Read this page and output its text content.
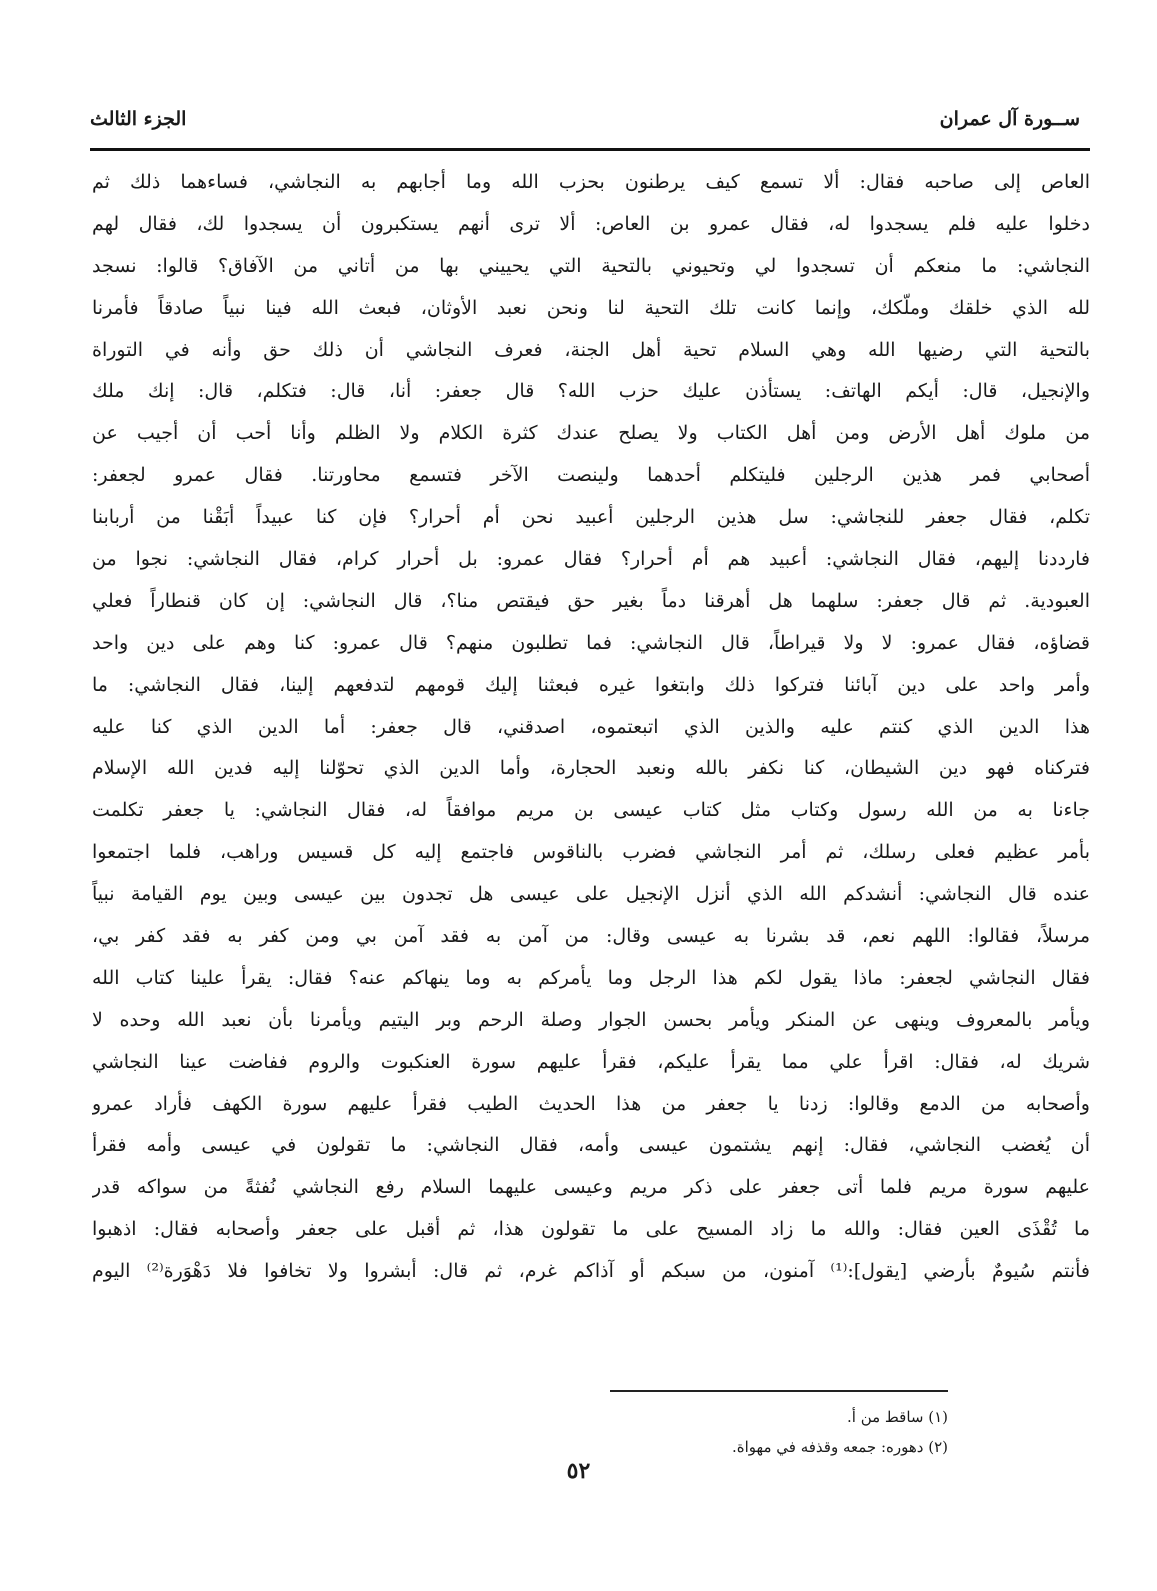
ســورة آل عمران
الجزء الثالث
العاص إلى صاحبه فقال: ألا تسمع كيف يرطنون بحزب الله وما أجابهم به النجاشي، فساءهما ذلك ثم
دخلوا عليه فلم يسجدوا له، فقال عمرو بن العاص: ألا ترى أنهم يستكبرون أن يسجدوا لك، فقال لهم
النجاشي: ما منعكم أن تسجدوا لي وتحيوني بالتحية التي يحييني بها من أتاني من الآفاق؟ قالوا: نسجد
لله الذي خلقك وملّكك، وإنما كانت تلك التحية لنا ونحن نعبد الأوثان، فبعث الله فينا نبياً صادقاً فأمرنا
بالتحية التي رضيها الله وهي السلام تحية أهل الجنة، فعرف النجاشي أن ذلك حق وأنه في التوراة
والإنجيل، قال: أيكم الهاتف: يستأذن عليك حزب الله؟ قال جعفر: أنا، قال: فتكلم، قال: إنك ملك
من ملوك أهل الأرض ومن أهل الكتاب ولا يصلح عندك كثرة الكلام ولا الظلم وأنا أحب أن أجيب عن
أصحابي فمر هذين الرجلين فليتكلم أحدهما ولينصت الآخر فتسمع محاورتنا. فقال عمرو لجعفر:
تكلم، فقال جعفر للنجاشي: سل هذين الرجلين أعبيد نحن أم أحرار؟ فإن كنا عبيداً أبَقْنا من أربابنا
فارددنا إليهم، فقال النجاشي: أعبيد هم أم أحرار؟ فقال عمرو: بل أحرار كرام، فقال النجاشي: نجوا من
العبودية. ثم قال جعفر: سلهما هل أهرقنا دماً بغير حق فيقتص منا؟، قال النجاشي: إن كان قنطاراً فعلي
قضاؤه، فقال عمرو: لا ولا قيراطاً، قال النجاشي: فما تطلبون منهم؟ قال عمرو: كنا وهم على دين واحد
وأمر واحد على دين آبائنا فتركوا ذلك وابتغوا غيره فبعثنا إليك قومهم لتدفعهم إلينا، فقال النجاشي: ما
هذا الدين الذي كنتم عليه والذين الذي اتبعتموه، اصدقني، قال جعفر: أما الدين الذي كنا عليه
فتركناه فهو دين الشيطان، كنا نكفر بالله ونعبد الحجارة، وأما الدين الذي تحوّلنا إليه فدين الله الإسلام
جاءنا به من الله رسول وكتاب مثل كتاب عيسى بن مريم موافقاً له، فقال النجاشي: يا جعفر تكلمت
بأمر عظيم فعلى رسلك، ثم أمر النجاشي فضرب بالناقوس فاجتمع إليه كل قسيس وراهب، فلما اجتمعوا
عنده قال النجاشي: أنشدكم الله الذي أنزل الإنجيل على عيسى هل تجدون بين عيسى وبين يوم القيامة نبياً
مرسلاً، فقالوا: اللهم نعم، قد بشرنا به عيسى وقال: من آمن به فقد آمن بي ومن كفر به فقد كفر بي،
فقال النجاشي لجعفر: ماذا يقول لكم هذا الرجل وما يأمركم به وما ينهاكم عنه؟ فقال: يقرأ علينا كتاب الله
ويأمر بالمعروف وينهى عن المنكر ويأمر بحسن الجوار وصلة الرحم وبر اليتيم ويأمرنا بأن نعبد الله وحده لا
شريك له، فقال: اقرأ علي مما يقرأ عليكم، فقرأ عليهم سورة العنكبوت والروم ففاضت عينا النجاشي
وأصحابه من الدمع وقالوا: زدنا يا جعفر من هذا الحديث الطيب فقرأ عليهم سورة الكهف فأراد عمرو
أن يُغضب النجاشي، فقال: إنهم يشتمون عيسى وأمه، فقال النجاشي: ما تقولون في عيسى وأمه فقرأ
عليهم سورة مريم فلما أتى جعفر على ذكر مريم وعيسى عليهما السلام رفع النجاشي نُفثةً من سواكه قدر
ما تُقْذَى العين فقال: والله ما زاد المسيح على ما تقولون هذا، ثم أقبل على جعفر وأصحابه فقال: اذهبوا
فأنتم سُيومٌ بأرضي [يقول]:⁽¹⁾ آمنون، من سبكم أو آذاكم غرم، ثم قال: أبشروا ولا تخافوا فلا دَهْوَرة⁽²⁾ اليوم
(١) ساقط من أ.
(٢) دهوره: جمعه وقذفه في مهواة.
٥٢
